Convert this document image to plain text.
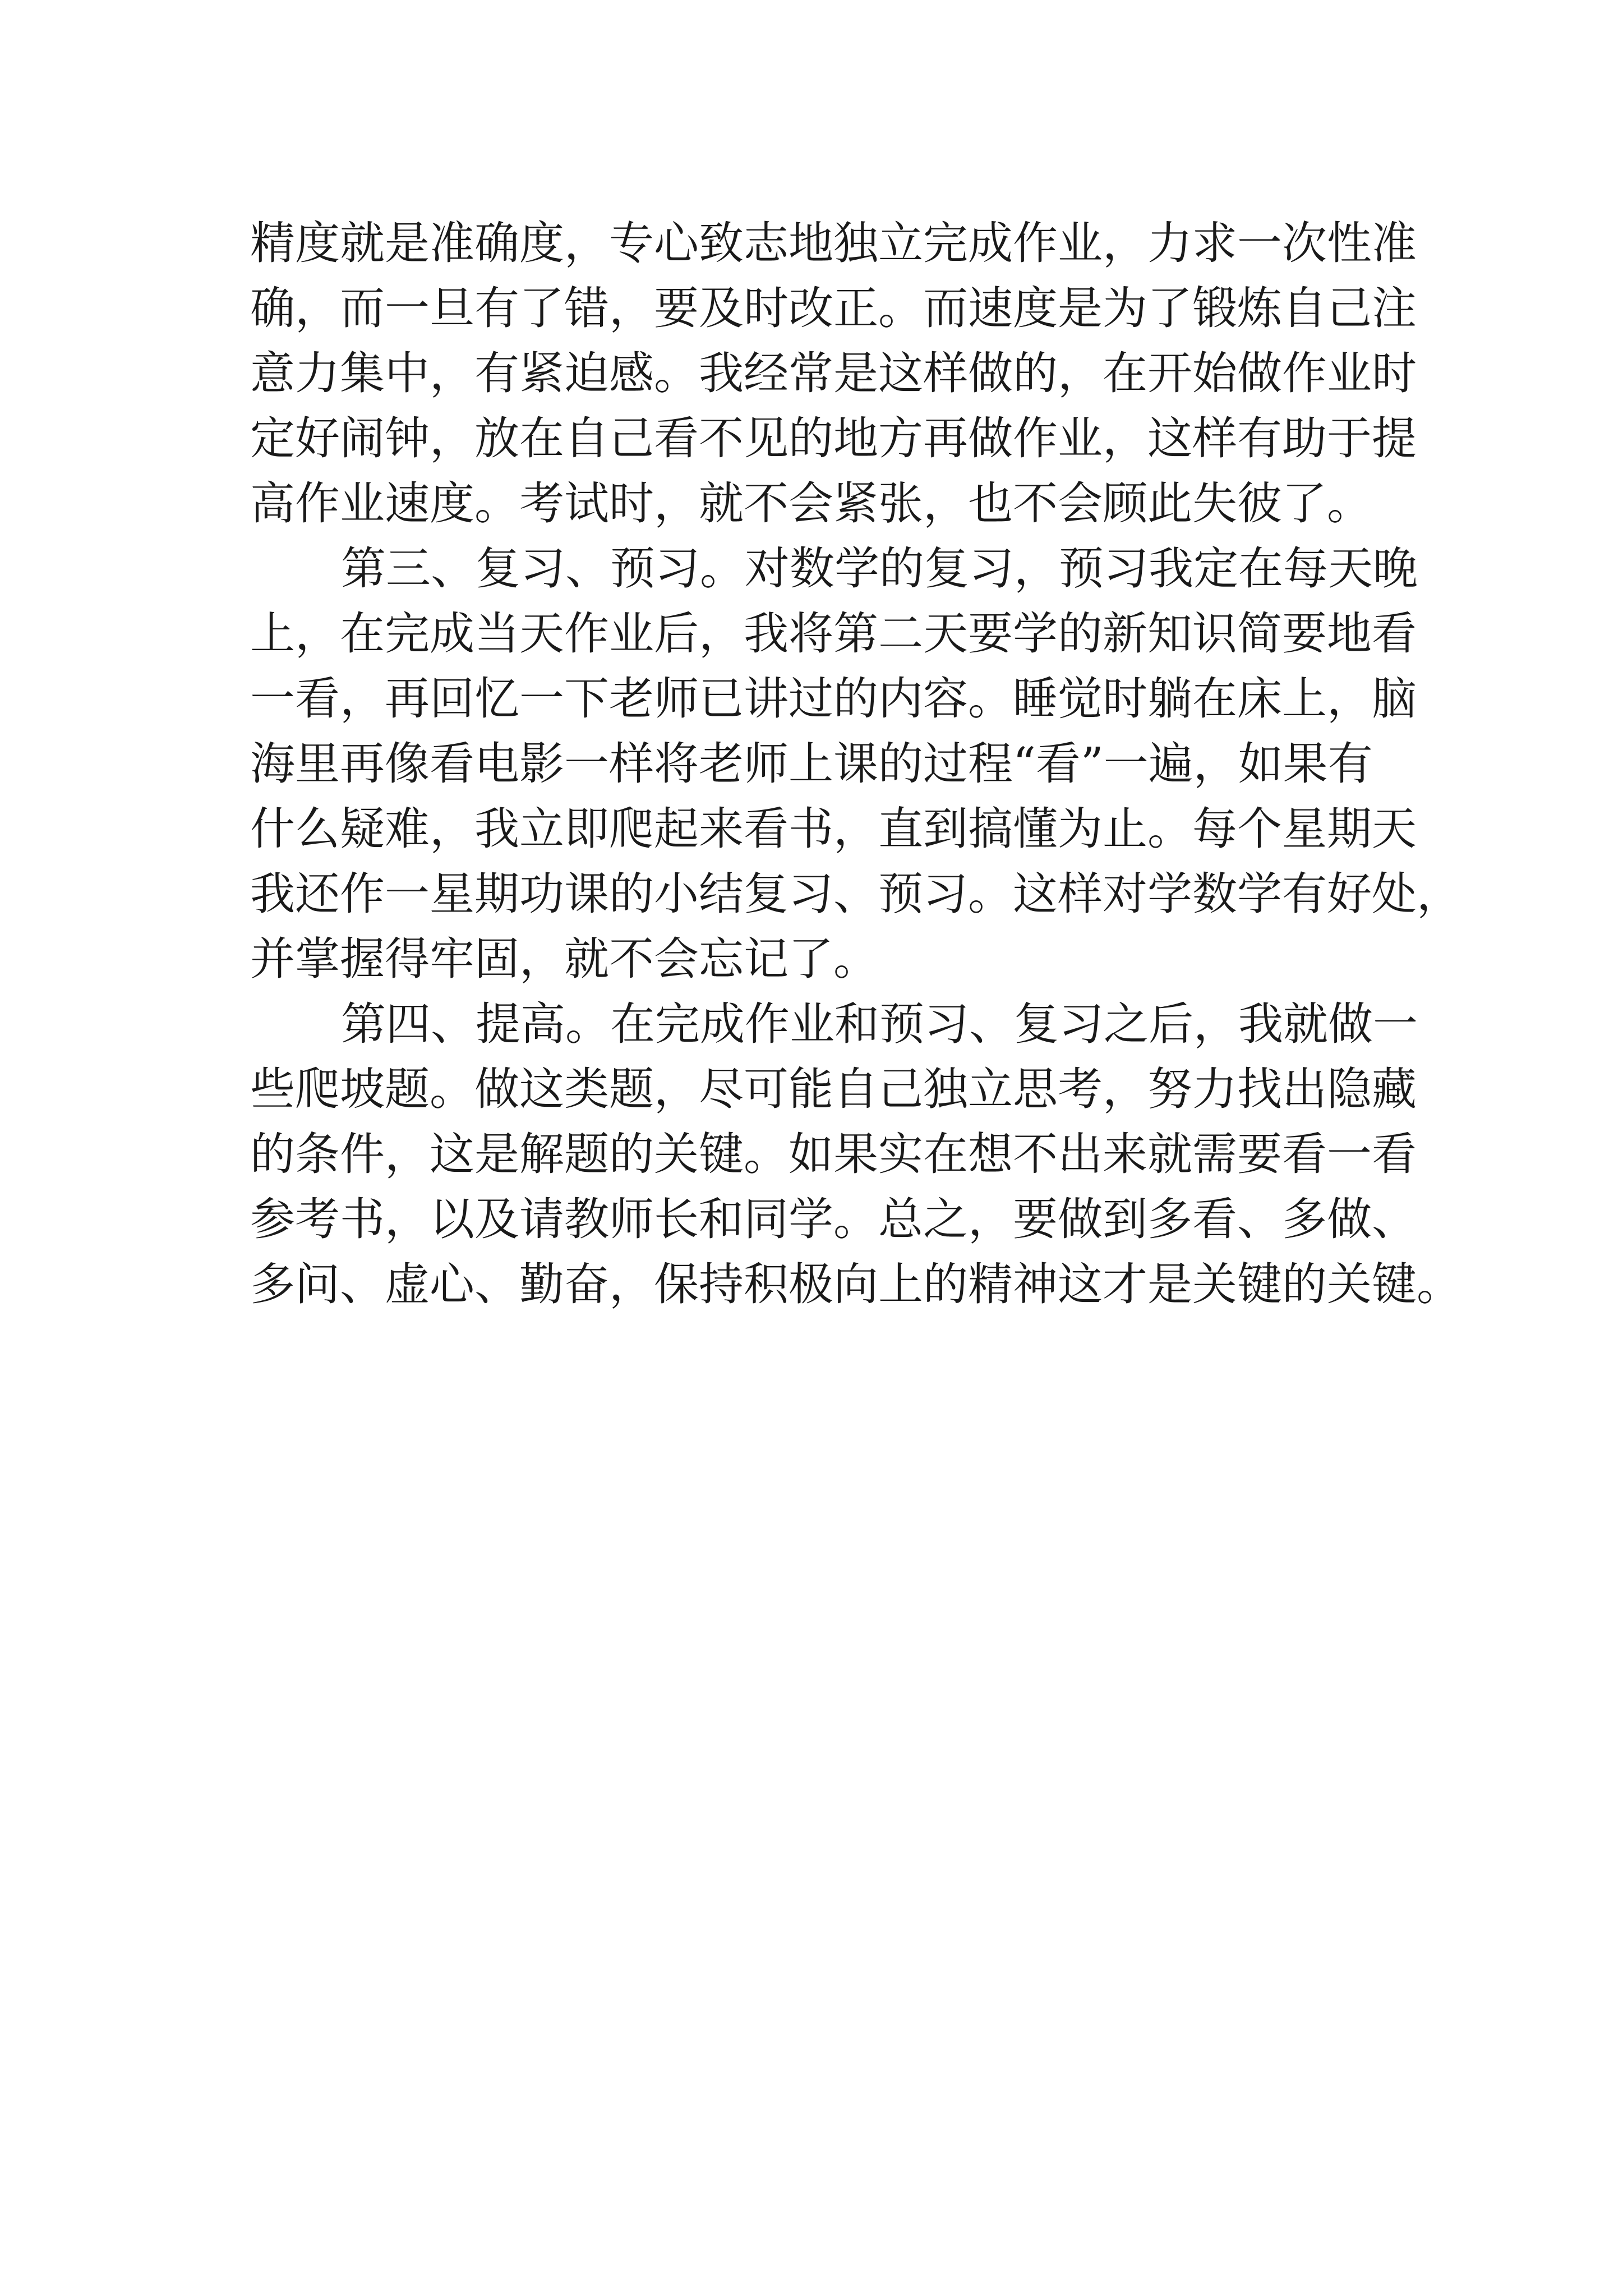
精度就是准确度，专心致志地独立完成作业，力求一次性准
确，而一旦有了错，要及时改正。而速度是为了锻炼自己注
意力集中，有紧迫感。我经常是这样做的，在开始做作业时
定好闹钟，放在自己看不见的地方再做作业，这样有助于提
高作业速度。考试时，就不会紧张，也不会顾此失彼了。
第三、复习、预习。对数学的复习，预习我定在每天晚
上，在完成当天作业后，我将第二天要学的新知识简要地看
一看，再回忆一下老师已讲过的内容。睡觉时躺在床上，脑
海里再像看电影一样将老师上课的过程“看”一遍，如果有
什么疑难，我立即爬起来看书，直到搞懂为止。每个星期天
我还作一星期功课的小结复习、预习。这样对学数学有好处，
并掌握得牢固，就不会忘记了。
第四、提高。在完成作业和预习、复习之后，我就做一
些爬坡题。做这类题，尽可能自己独立思考，努力找出隐藏
的条件，这是解题的关键。如果实在想不出来就需要看一看
参考书，以及请教师长和同学。总之，要做到多看、多做、
多问、虚心、勤奋，保持积极向上的精神这才是关键的关键。
